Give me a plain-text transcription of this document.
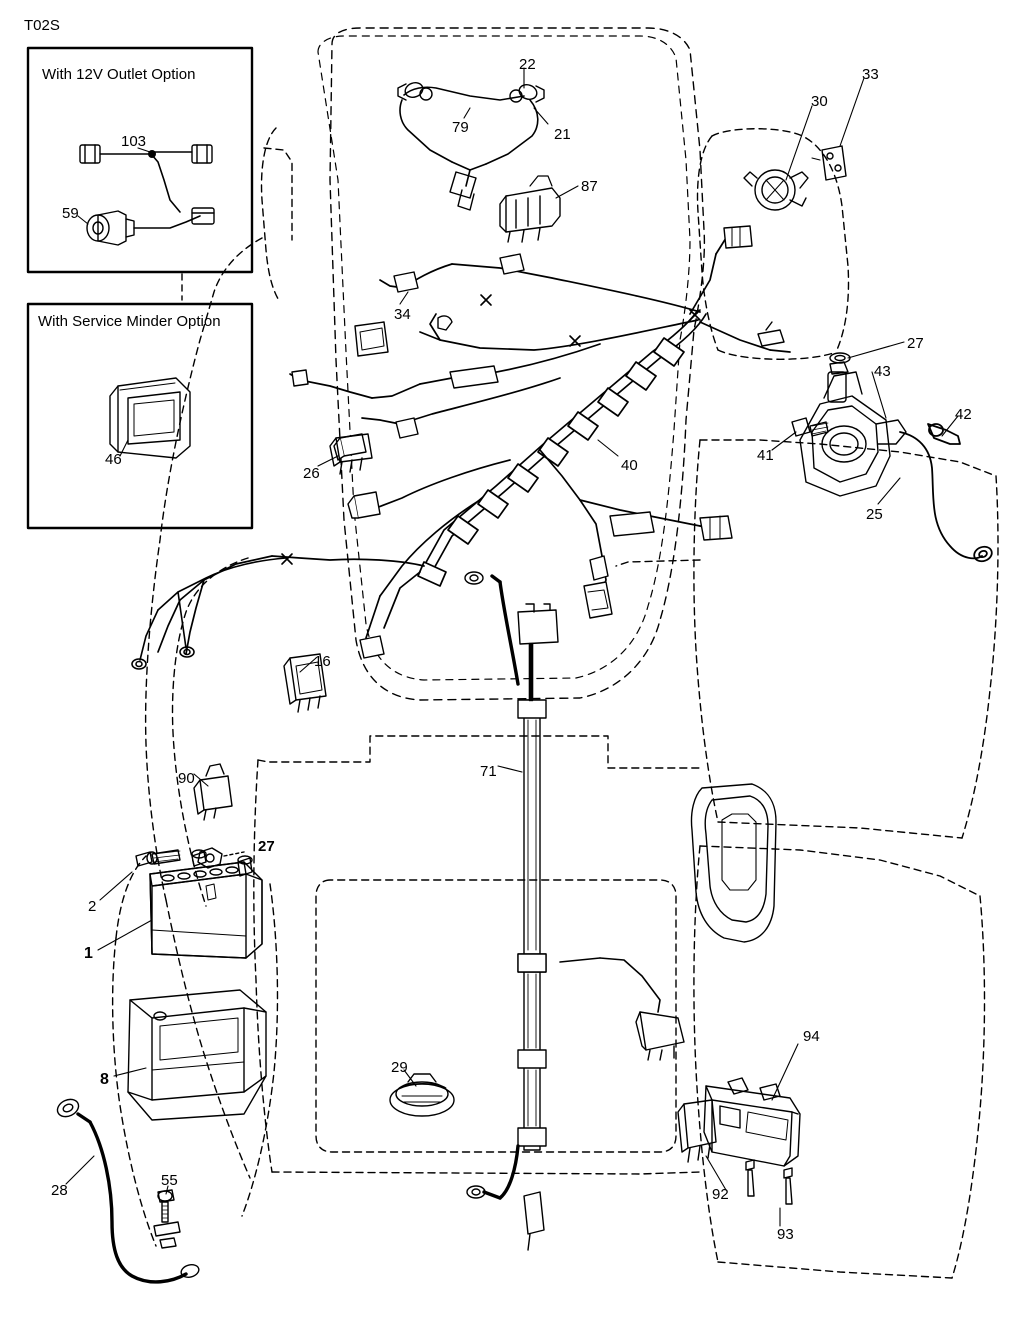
T02S
With 12V Outlet Option
With Service Minder Option
22
79	21
87
30
33
34
27
43
42
41
25
40
26
16
90	71
27
2
1
8
29
94
28
55
92
93
103
59
46
